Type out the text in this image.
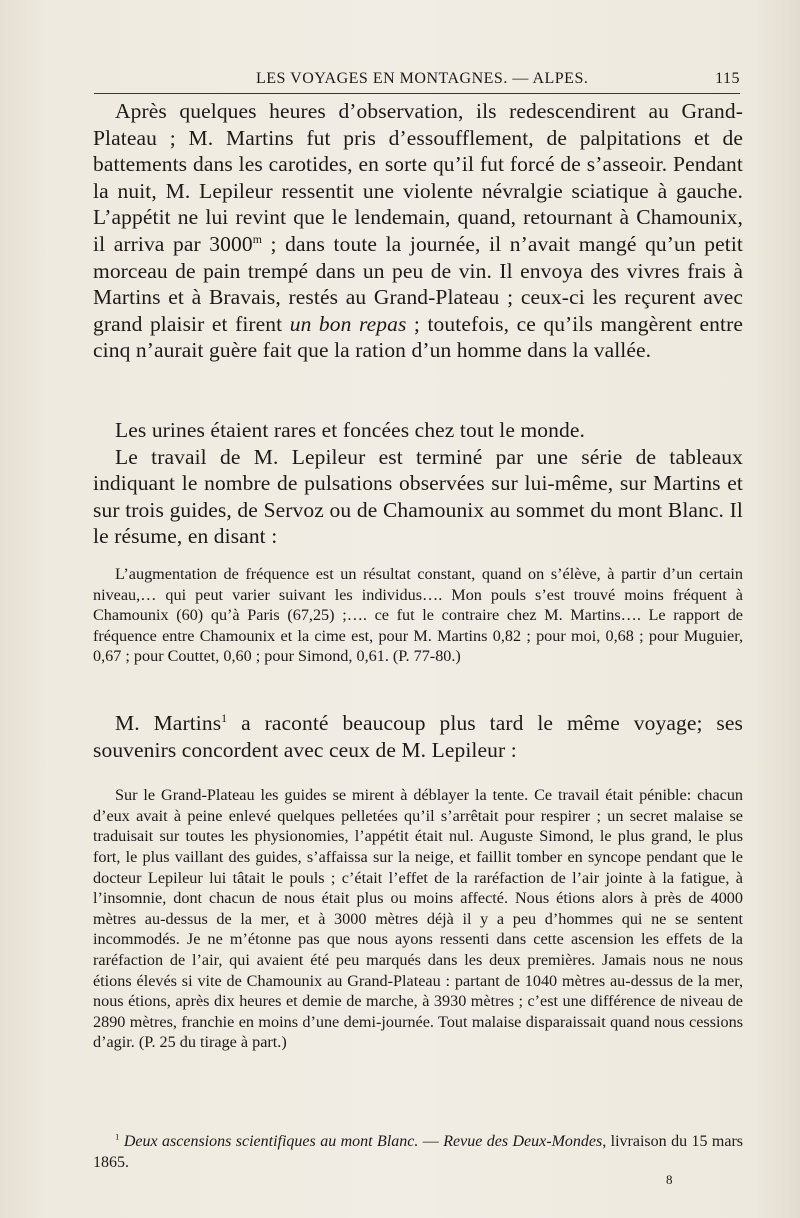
LES VOYAGES EN MONTAGNES. — ALPES.	115

Après quelques heures d’observation, ils redescendirent au Grand-Plateau ; M. Martins fut pris d’essoufflement, de palpitations et de battements dans les carotides, en sorte qu’il fut forcé de s’asseoir. Pendant la nuit, M. Lepileur ressentit une violente névralgie sciatique à gauche. L’appétit ne lui revint que le lendemain, quand, retournant à Chamounix, il arriva par 3000$^m$ ; dans toute la journée, il n’avait mangé qu’un petit morceau de pain trempé dans un peu de vin. Il envoya des vivres frais à Martins et à Bravais, restés au Grand-Plateau ; ceux-ci les reçurent avec grand plaisir et firent un bon repas ; toutefois, ce qu’ils mangèrent entre cinq n’aurait guère fait que la ration d’un homme dans la vallée.

Les urines étaient rares et foncées chez tout le monde.

Le travail de M. Lepileur est terminé par une série de tableaux indiquant le nombre de pulsations observées sur lui-même, sur Martins et sur trois guides, de Servoz ou de Chamounix au sommet du mont Blanc. Il le résume, en disant :

L’augmentation de fréquence est un résultat constant, quand on s’élève, à partir d’un certain niveau,… qui peut varier suivant les individus…. Mon pouls s’est trouvé moins fréquent à Chamounix (60) qu’à Paris (67,25) ;…. ce fut le contraire chez M. Martins…. Le rapport de fréquence entre Chamounix et la cime est, pour M. Martins 0,82 ; pour moi, 0,68 ; pour Muguier, 0,67 ; pour Couttet, 0,60 ; pour Simond, 0,61. (P. 77-80.)

M. Martins$^1$ a raconté beaucoup plus tard le même voyage; ses souvenirs concordent avec ceux de M. Lepileur :

Sur le Grand-Plateau les guides se mirent à déblayer la tente. Ce travail était pénible: chacun d’eux avait à peine enlevé quelques pelletées qu’il s’arrêtait pour respirer ; un secret malaise se traduisait sur toutes les physionomies, l’appétit était nul. Auguste Simond, le plus grand, le plus fort, le plus vaillant des guides, s’affaissa sur la neige, et faillit tomber en syncope pendant que le docteur Lepileur lui tâtait le pouls ; c’était l’effet de la raréfaction de l’air jointe à la fatigue, à l’insomnie, dont chacun de nous était plus ou moins affecté. Nous étions alors à près de 4000 mètres au-dessus de la mer, et à 3000 mètres déjà il y a peu d’hommes qui ne se sentent incommodés. Je ne m’étonne pas que nous ayons ressenti dans cette ascension les effets de la raréfaction de l’air, qui avaient été peu marqués dans les deux premières. Jamais nous ne nous étions élevés si vite de Chamounix au Grand-Plateau : partant de 1040 mètres au-dessus de la mer, nous étions, après dix heures et demie de marche, à 3930 mètres ; c’est une différence de niveau de 2890 mètres, franchie en moins d’une demi-journée. Tout malaise disparaissait quand nous cessions d’agir. (P. 25 du tirage à part.)

$^1$ Deux ascensions scientifiques au mont Blanc. — Revue des Deux-Mondes, livraison du 15 mars 1865.
8
